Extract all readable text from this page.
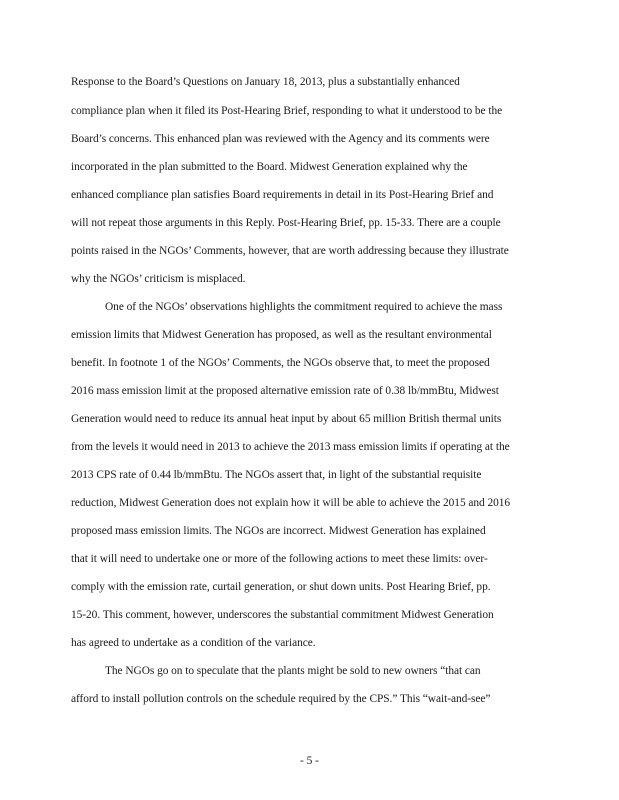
Response to the Board’s Questions on January 18, 2013, plus a substantially enhanced
compliance plan when it filed its Post-Hearing Brief, responding to what it understood to be the
Board’s concerns. This enhanced plan was reviewed with the Agency and its comments were
incorporated in the plan submitted to the Board. Midwest Generation explained why the
enhanced compliance plan satisfies Board requirements in detail in its Post-Hearing Brief and
will not repeat those arguments in this Reply. Post-Hearing Brief, pp. 15-33. There are a couple
points raised in the NGOs’ Comments, however, that are worth addressing because they illustrate
why the NGOs’ criticism is misplaced.
One of the NGOs’ observations highlights the commitment required to achieve the mass
emission limits that Midwest Generation has proposed, as well as the resultant environmental
benefit. In footnote 1 of the NGOs’ Comments, the NGOs observe that, to meet the proposed
2016 mass emission limit at the proposed alternative emission rate of 0.38 lb/mmBtu, Midwest
Generation would need to reduce its annual heat input by about 65 million British thermal units
from the levels it would need in 2013 to achieve the 2013 mass emission limits if operating at the
2013 CPS rate of 0.44 lb/mmBtu. The NGOs assert that, in light of the substantial requisite
reduction, Midwest Generation does not explain how it will be able to achieve the 2015 and 2016
proposed mass emission limits. The NGOs are incorrect. Midwest Generation has explained
that it will need to undertake one or more of the following actions to meet these limits: over-
comply with the emission rate, curtail generation, or shut down units. Post Hearing Brief, pp.
15-20. This comment, however, underscores the substantial commitment Midwest Generation
has agreed to undertake as a condition of the variance.
The NGOs go on to speculate that the plants might be sold to new owners “that can
afford to install pollution controls on the schedule required by the CPS.” This “wait-and-see”
- 5 -
